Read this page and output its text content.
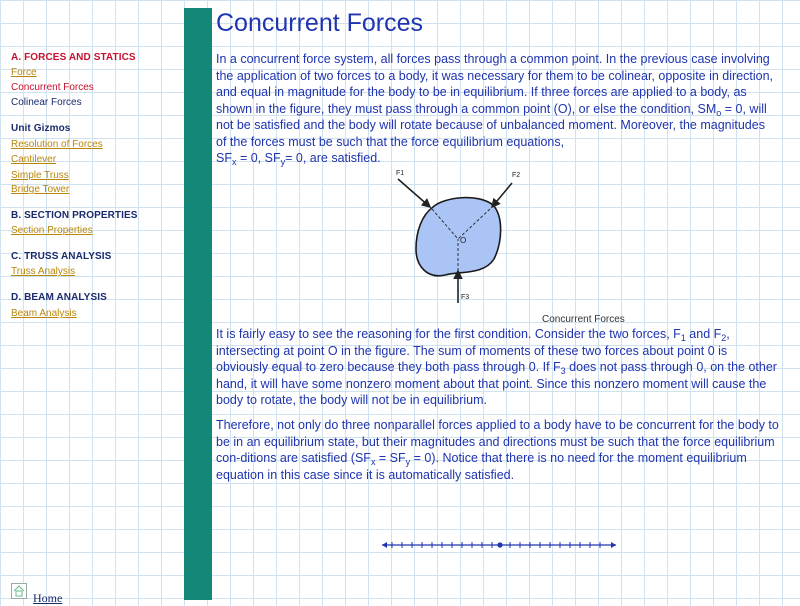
A. FORCES AND STATICS
Force
Concurrent Forces
Colinear Forces
Unit Gizmos
Resolution of Forces
Cantilever
Simple Truss
Bridge Tower
B. SECTION PROPERTIES
Section Properties
C. TRUSS ANALYSIS
Truss Analysis
D. BEAM ANALYSIS
Beam Analysis
Home
Concurrent Forces

In a concurrent force system, all forces pass through a common point. In the previous case involving
the application of two forces to a body, it was necessary for them to be colinear, opposite in direction,
and equal in magnitude for the body to be in equilibrium. If three forces are applied to a body, as
shown in the figure, they must pass through a common point (O), or else the condition, $SM_o = 0$, will
not be satisfied and the body will rotate because of unbalanced moment. Moreover, the magnitudes
of the forces must be such that the force equilibrium equations,
$SF_x = 0$, $SF_y= 0$, are satisfied.

It is fairly easy to see the reasoning for the first condition. Consider the two forces, $F_1$ and $F_2$,
intersecting at point O in the figure. The sum of moments of these two forces about point 0 is
obviously equal to zero because they both pass through 0. If $F_3$ does not pass through 0, on the other
hand, it will have some nonzero moment about that point. Since this nonzero moment will cause the
body to rotate, the body will not be in equilibrium.

Therefore, not only do three nonparallel forces applied to a body have to be concurrent for the body to
be in an equilibrium state, but their magnitudes and directions must be such that the force equilibrium
con-ditions are satisfied $(SF_x = SF_y = 0)$. Notice that there is no need for the moment equilibrium
equation in this case since it is automatically satisfied.

F1	F2
F3
O
Concurrent Forces
